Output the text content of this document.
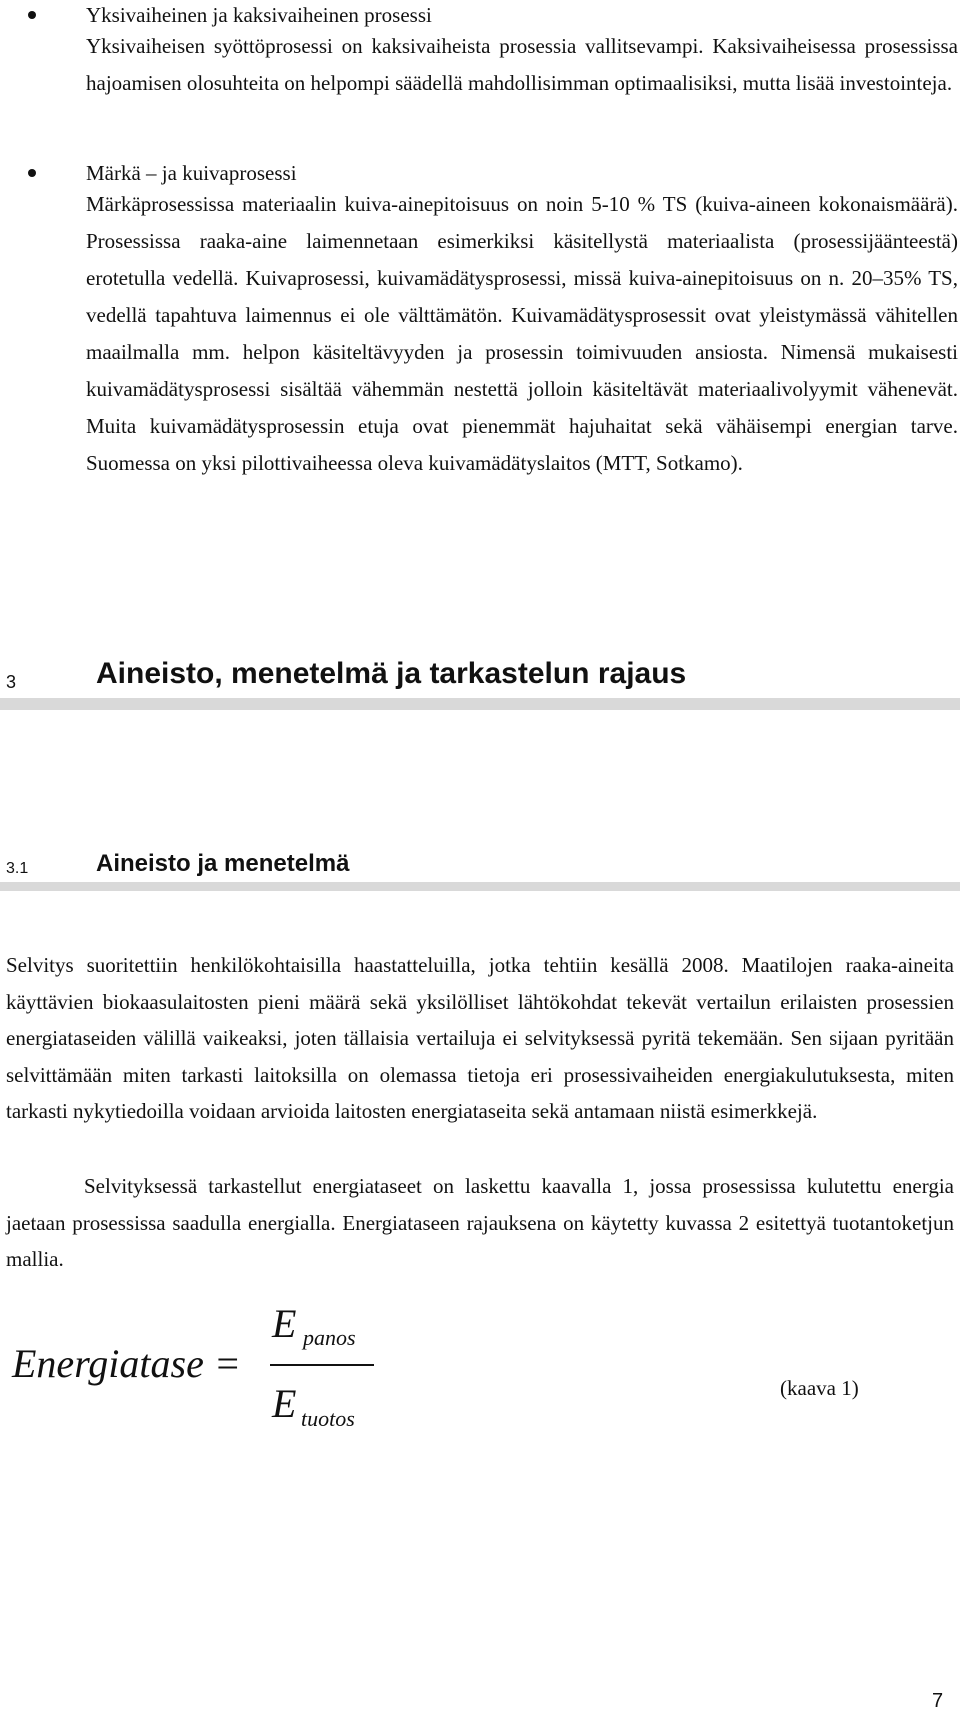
Yksivaiheinen ja kaksivaiheinen prosessi
Yksivaiheisen syöttöprosessi on kaksivaiheista prosessia vallitsevampi. Kaksivaiheisessa prosessissa hajoamisen olosuhteita on helpompi säädellä mahdollisimman optimaalisiksi, mutta lisää investointeja.
Märkä – ja kuivaprosessi
Märkäprosessissa materiaalin kuiva-ainepitoisuus on noin 5-10 % TS (kuiva-aineen kokonaismäärä). Prosessissa raaka-aine laimennetaan esimerkiksi käsitellystä materiaalista (prosessijäänteestä) erotetulla vedellä. Kuivaprosessi, kuivamädätysprosessi, missä kuiva-ainepitoisuus on n. 20–35% TS, vedellä tapahtuva laimennus ei ole välttämätön. Kuivamädätysprosessit ovat yleistymässä vähitellen maailmalla mm. helpon käsiteltävyyden ja prosessin toimivuuden ansiosta. Nimensä mukaisesti kuivamädätysprosessi sisältää vähemmän nestettä jolloin käsiteltävät materiaalivolyymit vähenevät. Muita kuivamädätysprosessin etuja ovat pienemmät hajuhaitat sekä vähäisempi energian tarve. Suomessa on yksi pilottivaiheessa oleva kuivamädätyslaitos (MTT, Sotkamo).
3	Aineisto, menetelmä ja tarkastelun rajaus
3.1	Aineisto ja menetelmä
Selvitys suoritettiin henkilökohtaisilla haastatteluilla, jotka tehtiin kesällä 2008. Maatilojen raaka-aineita käyttävien biokaasulaitosten pieni määrä sekä yksilölliset lähtökohdat tekevät vertailun erilaisten prosessien energiataseiden välillä vaikeaksi, joten tällaisia vertailuja ei selvityksessä pyritä tekemään. Sen sijaan pyritään selvittämään miten tarkasti laitoksilla on olemassa tietoja eri prosessivaiheiden energiakulutuksesta, miten tarkasti nykytiedoilla voidaan arvioida laitosten energiataseita sekä antamaan niistä esimerkkejä.
Selvityksessä tarkastellut energiataseet on laskettu kaavalla 1, jossa prosessissa kulutettu energia jaetaan prosessissa saadulla energialla. Energiataseen rajauksena on käytetty kuvassa 2 esitettyä tuotantoketjun mallia.
Energiatase =
E panos
E tuotos
(kaava 1)
7
